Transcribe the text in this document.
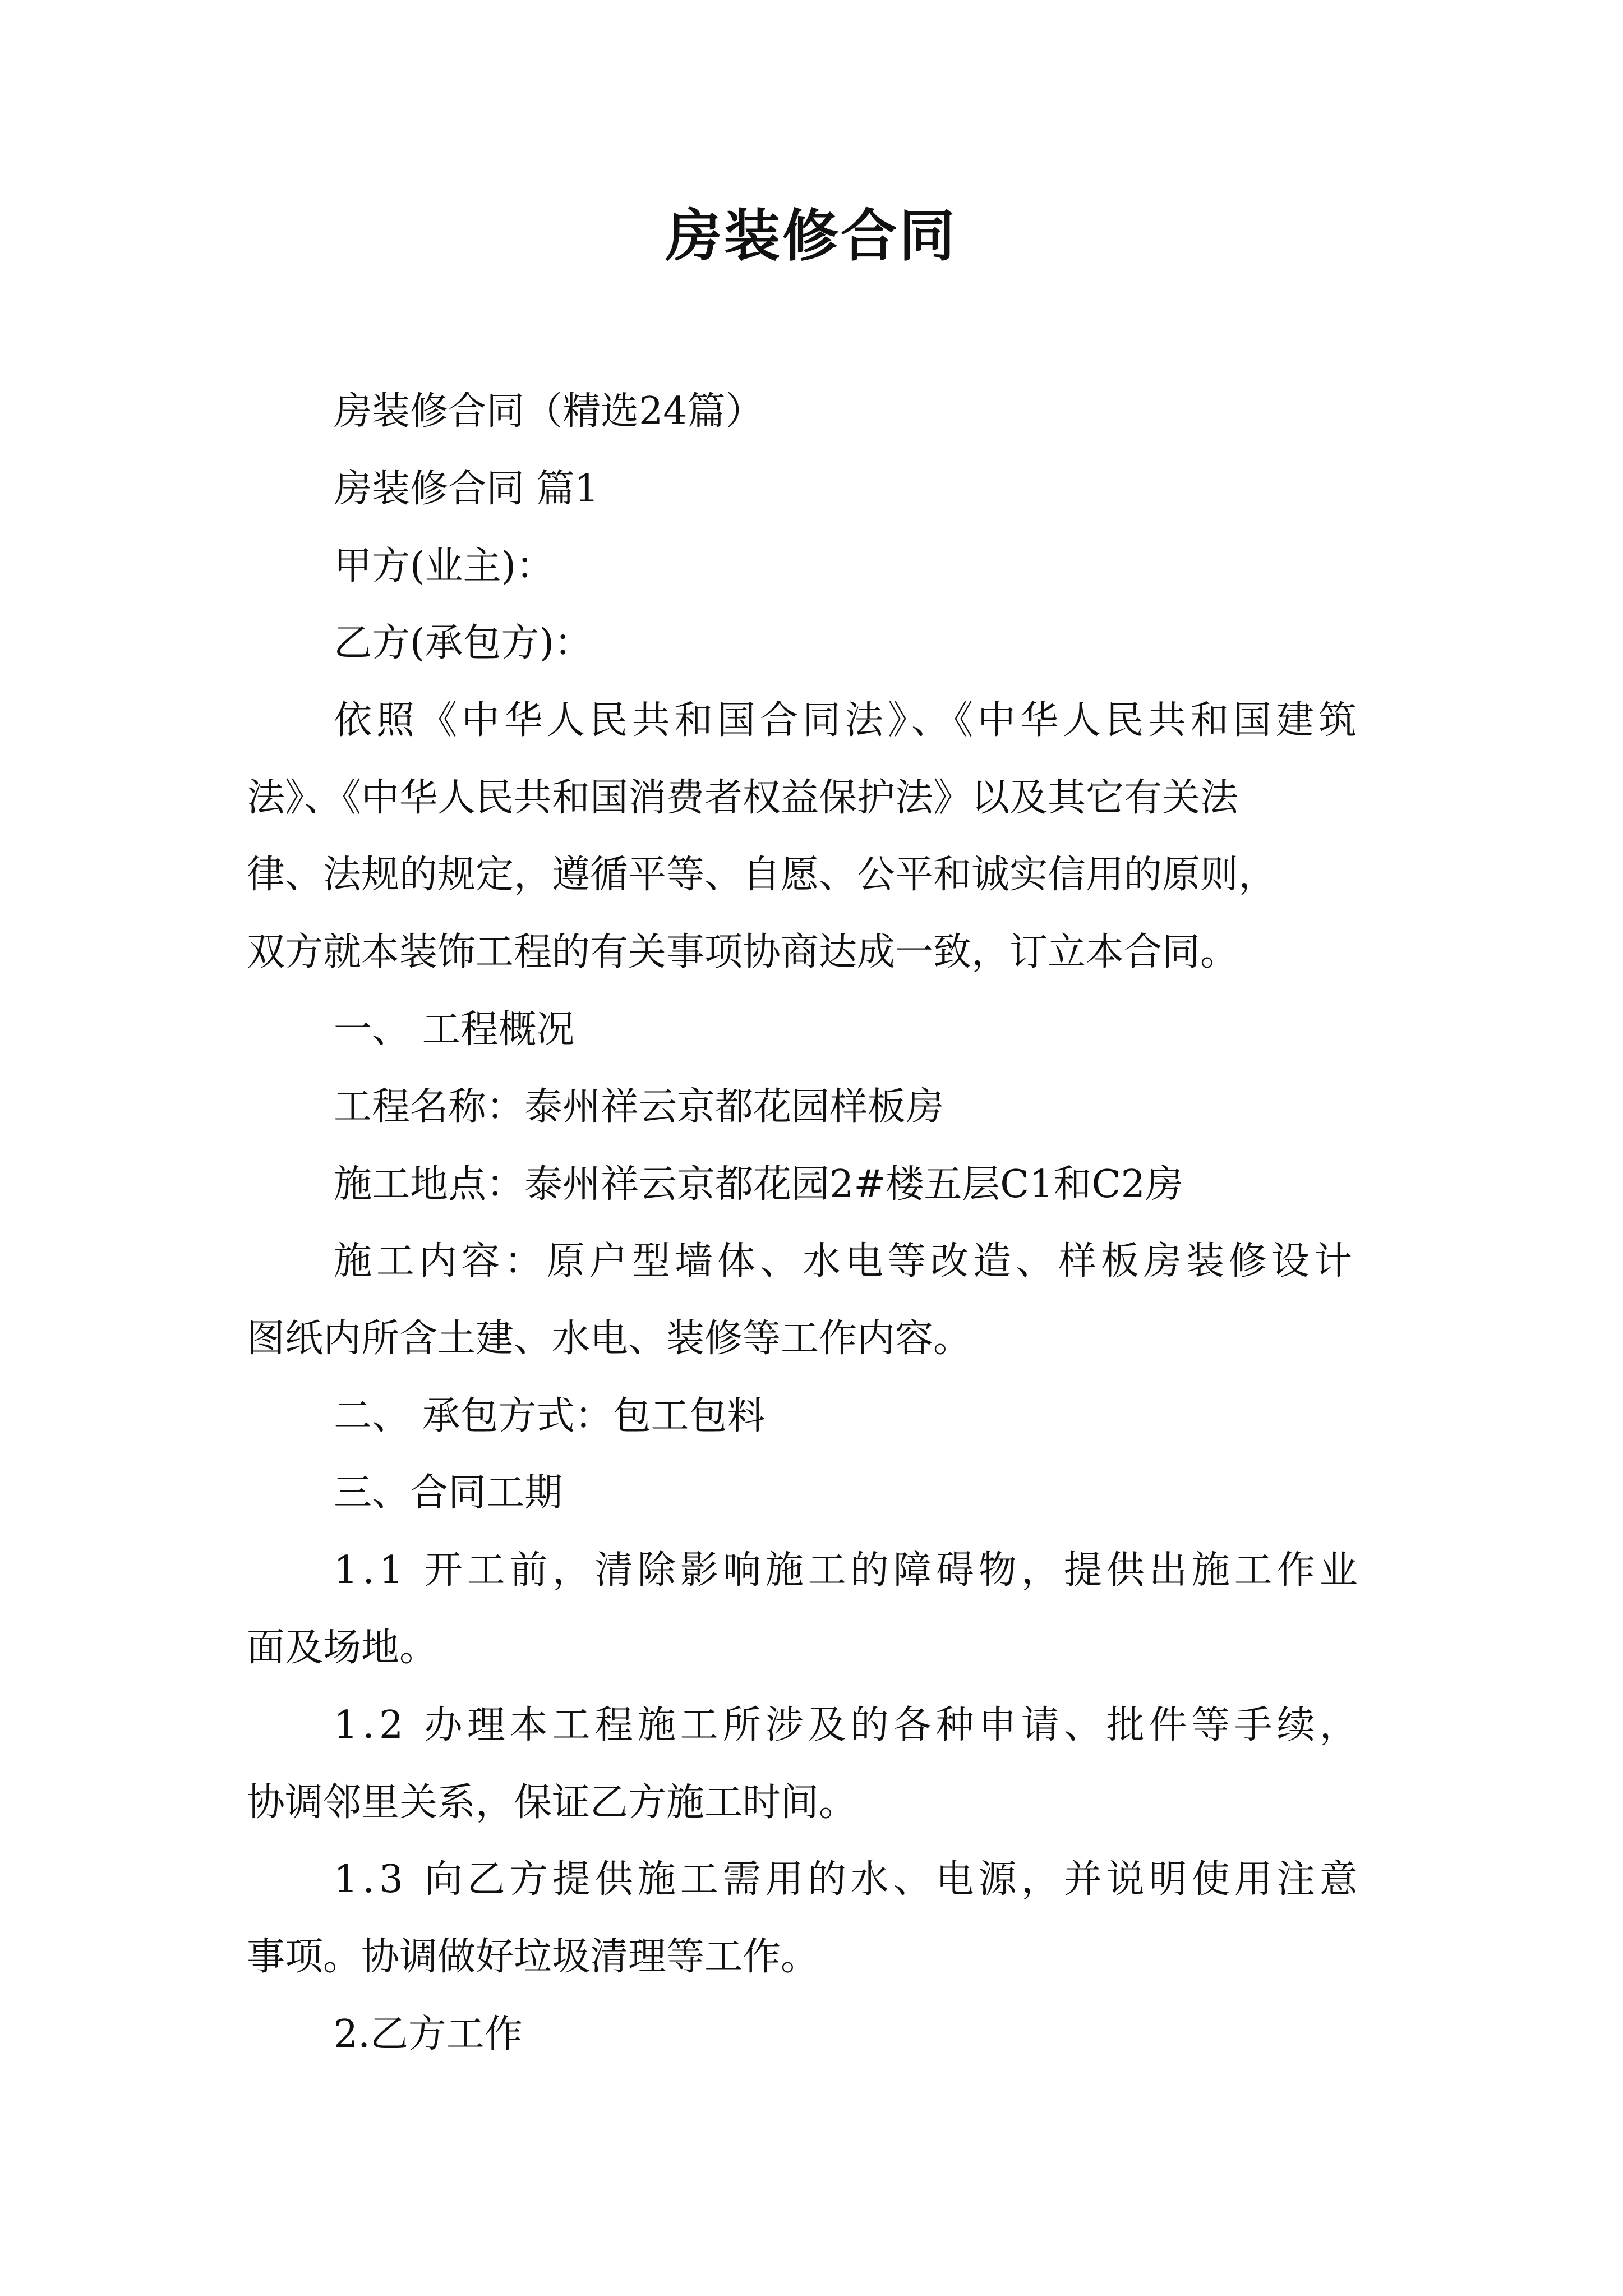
房装修合同
房装修合同（精选24篇）
房装修合同 篇1
甲方(业主)：
乙方(承包方)：
依照《中华人民共和国合同法》、《中华人民共和国建筑
法》、《中华人民共和国消费者权益保护法》以及其它有关法
律、法规的规定，遵循平等、自愿、公平和诚实信用的原则，
双方就本装饰工程的有关事项协商达成一致，订立本合同。
一、 工程概况
工程名称：泰州祥云京都花园样板房
施工地点：泰州祥云京都花园2#楼五层C1和C2房
施工内容：原户型墙体、水电等改造、样板房装修设计
图纸内所含土建、水电、装修等工作内容。
二、 承包方式：包工包料
三、合同工期
1.1 开工前，清除影响施工的障碍物，提供出施工作业
面及场地。
1.2 办理本工程施工所涉及的各种申请、批件等手续，
协调邻里关系，保证乙方施工时间。
1.3 向乙方提供施工需用的水、电源，并说明使用注意
事项。协调做好垃圾清理等工作。
2.乙方工作
